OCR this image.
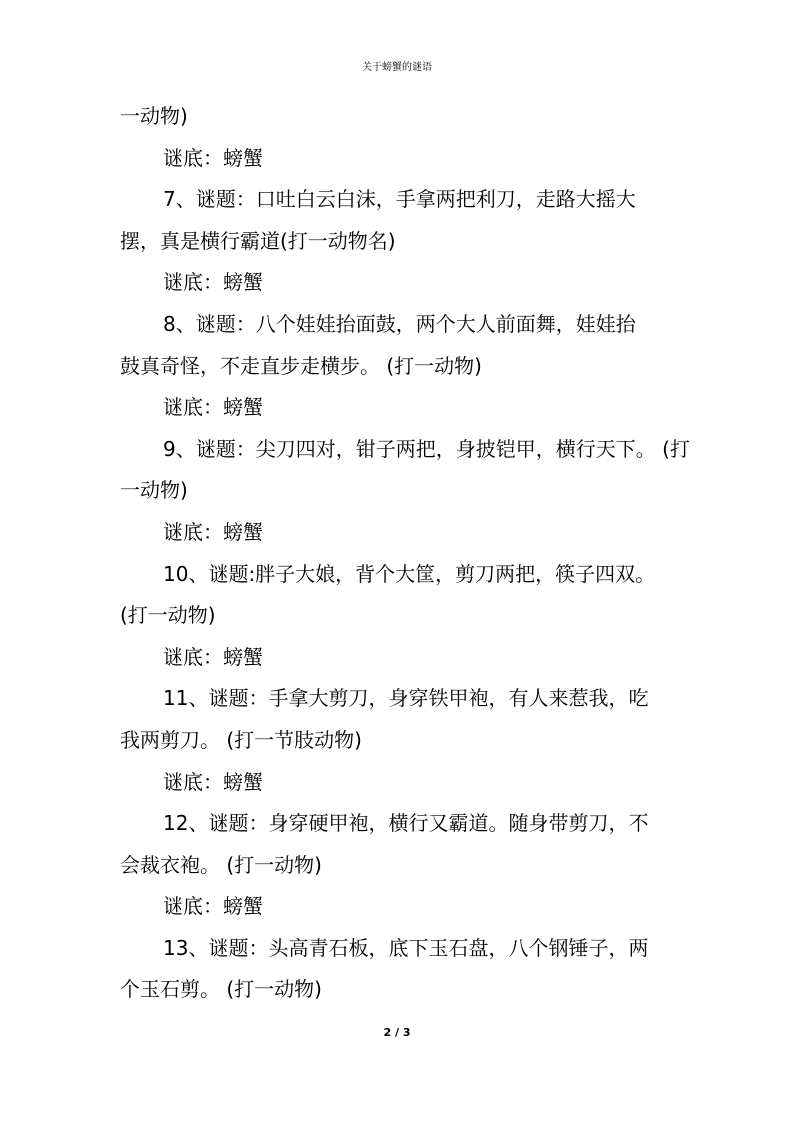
关于螃蟹的谜语
一动物)
谜底：螃蟹
7、谜题：口吐白云白沫，手拿两把利刀，走路大摇大
摆，真是横行霸道(打一动物名)
谜底：螃蟹
8、谜题：八个娃娃抬面鼓，两个大人前面舞，娃娃抬
鼓真奇怪，不走直步走横步。 (打一动物)
谜底：螃蟹
9、谜题：尖刀四对，钳子两把，身披铠甲，横行天下。 (打
一动物)
谜底：螃蟹
10、谜题:胖子大娘，背个大筐，剪刀两把，筷子四双。
(打一动物)
谜底：螃蟹
11、谜题：手拿大剪刀，身穿铁甲袍，有人来惹我，吃
我两剪刀。 (打一节肢动物)
谜底：螃蟹
12、谜题：身穿硬甲袍，横行又霸道。随身带剪刀，不
会裁衣袍。 (打一动物)
谜底：螃蟹
13、谜题：头高青石板，底下玉石盘，八个钢锤子，两
个玉石剪。 (打一动物)
2 / 3
